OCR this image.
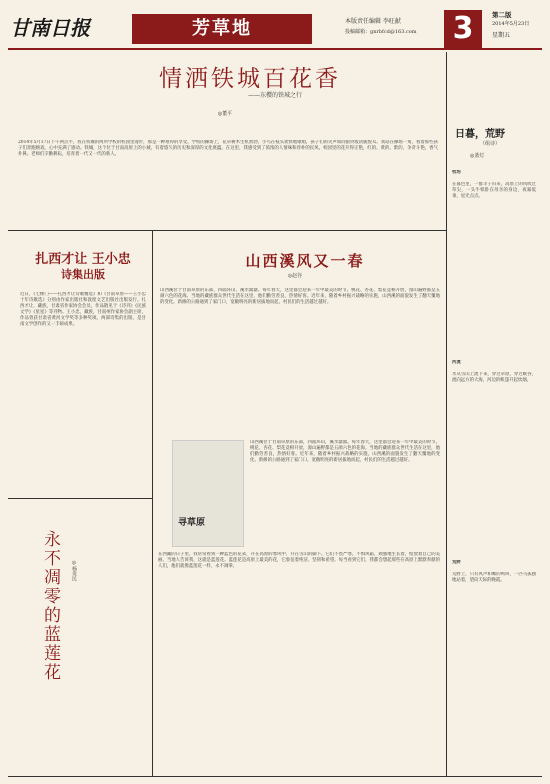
甘南日报	芳草地	本版责任编辑 李旺献
投稿邮箱：gnrbfcd@163.com 3	第二版
2014年5月23日
星期五
情洒铁城百花香
——东樱的铁城之行
◎董平
2014年5月17日下午两点半，我在铁城的两所学校的校园里漫步，那是一种难得的享受。学校的操场上，花草树木生机勃勃，小鸟在枝头欢快地歌唱，孩子们的笑声如同银铃般清脆悦耳。我站在操场一角，看着那些孩子们奔跑嬉戏，心中充满了感动。铁城，这个位于甘南高原上的小城，有着悠久的历史和深厚的文化底蕴。在这里，我感受到了浓浓的人情味和淳朴的民风。校园里的花开得正艳，红的、黄的、紫的，争奇斗艳，香气扑鼻。老师们辛勤耕耘，培育着一代又一代的新人。
扎西才让 王小忠
诗集出版
近日，《七棵门——扎西才让诗歌精选》和《甘南草原——王小忠十年诗歌选》分别由作家出版社和敦煌文艺出版社出版发行。扎西才让，藏族，甘肃省作家协会会员，作品散见于《诗刊》《民族文学》《星星》等刊物。王小忠，藏族，甘南州作家协会副主席，作品曾获甘肃省黄河文学奖等多种奖项。两部诗集的出版，是甘南文学创作的又一丰硕成果。
山西溪风又一春
◎赵谷
山西溪位于甘南草原的东部，四面环山，溪水潺潺。每年春天，这里都会迎来一年中最美的时节。桃花、杏花、梨花竞相开放，漫山遍野都是五颜六色的花海。当地的藏族群众世代生活在这里，他们勤劳善良，热情好客。近年来，随着乡村振兴战略的实施，山西溪的面貌发生了翻天覆地的变化。新修的公路通到了家门口，宽敞明亮的新居拔地而起，村民们的生活越过越好。
山西溪位于甘南草原的东部，四面环山，溪水潺潺。每年春天，这里都会迎来一年中最美的时节。桃花、杏花、梨花竞相开放，漫山遍野都是五颜六色的花海。当地的藏族群众世代生活在这里，他们勤劳善良，热情好客。近年来，随着乡村振兴战略的实施，山西溪的面貌发生了翻天覆地的变化。新修的公路通到了家门口，宽敞明亮的新居拔地而起，村民们的生活越过越好。
寻草原
日暮，荒野
（组诗）
◎蓝灯
牧场
在暮色里，一群羊子归来，高原上的风吹过草尖，一头牛犊卧在母亲的身边，夜幕低垂，星光点点。
河流
水从雪山上流下来，穿过草原，穿过峡谷，流向远方的大海，河边的帐篷升起炊烟。
荒野
荒野上，只有风声和鹰的鸣叫，一匹马孤独地站着，望向天际的晚霞。
永不凋零的蓝莲花	◎杨贵民
在西藏的日子里，我常常看到一种蓝色的花朵，开在高原的寒风中，开在雪山的脚下。它们不畏严寒，不惧风霜，顽强地生长着，绽放着自己的美丽。当地人告诉我，这就是蓝莲花。蓝莲花是高原上最美的花，它象征着纯洁、坚韧和希望。每当看到它们，我都会想起那些在高原上默默奉献的人们，他们就像蓝莲花一样，永不凋零。
